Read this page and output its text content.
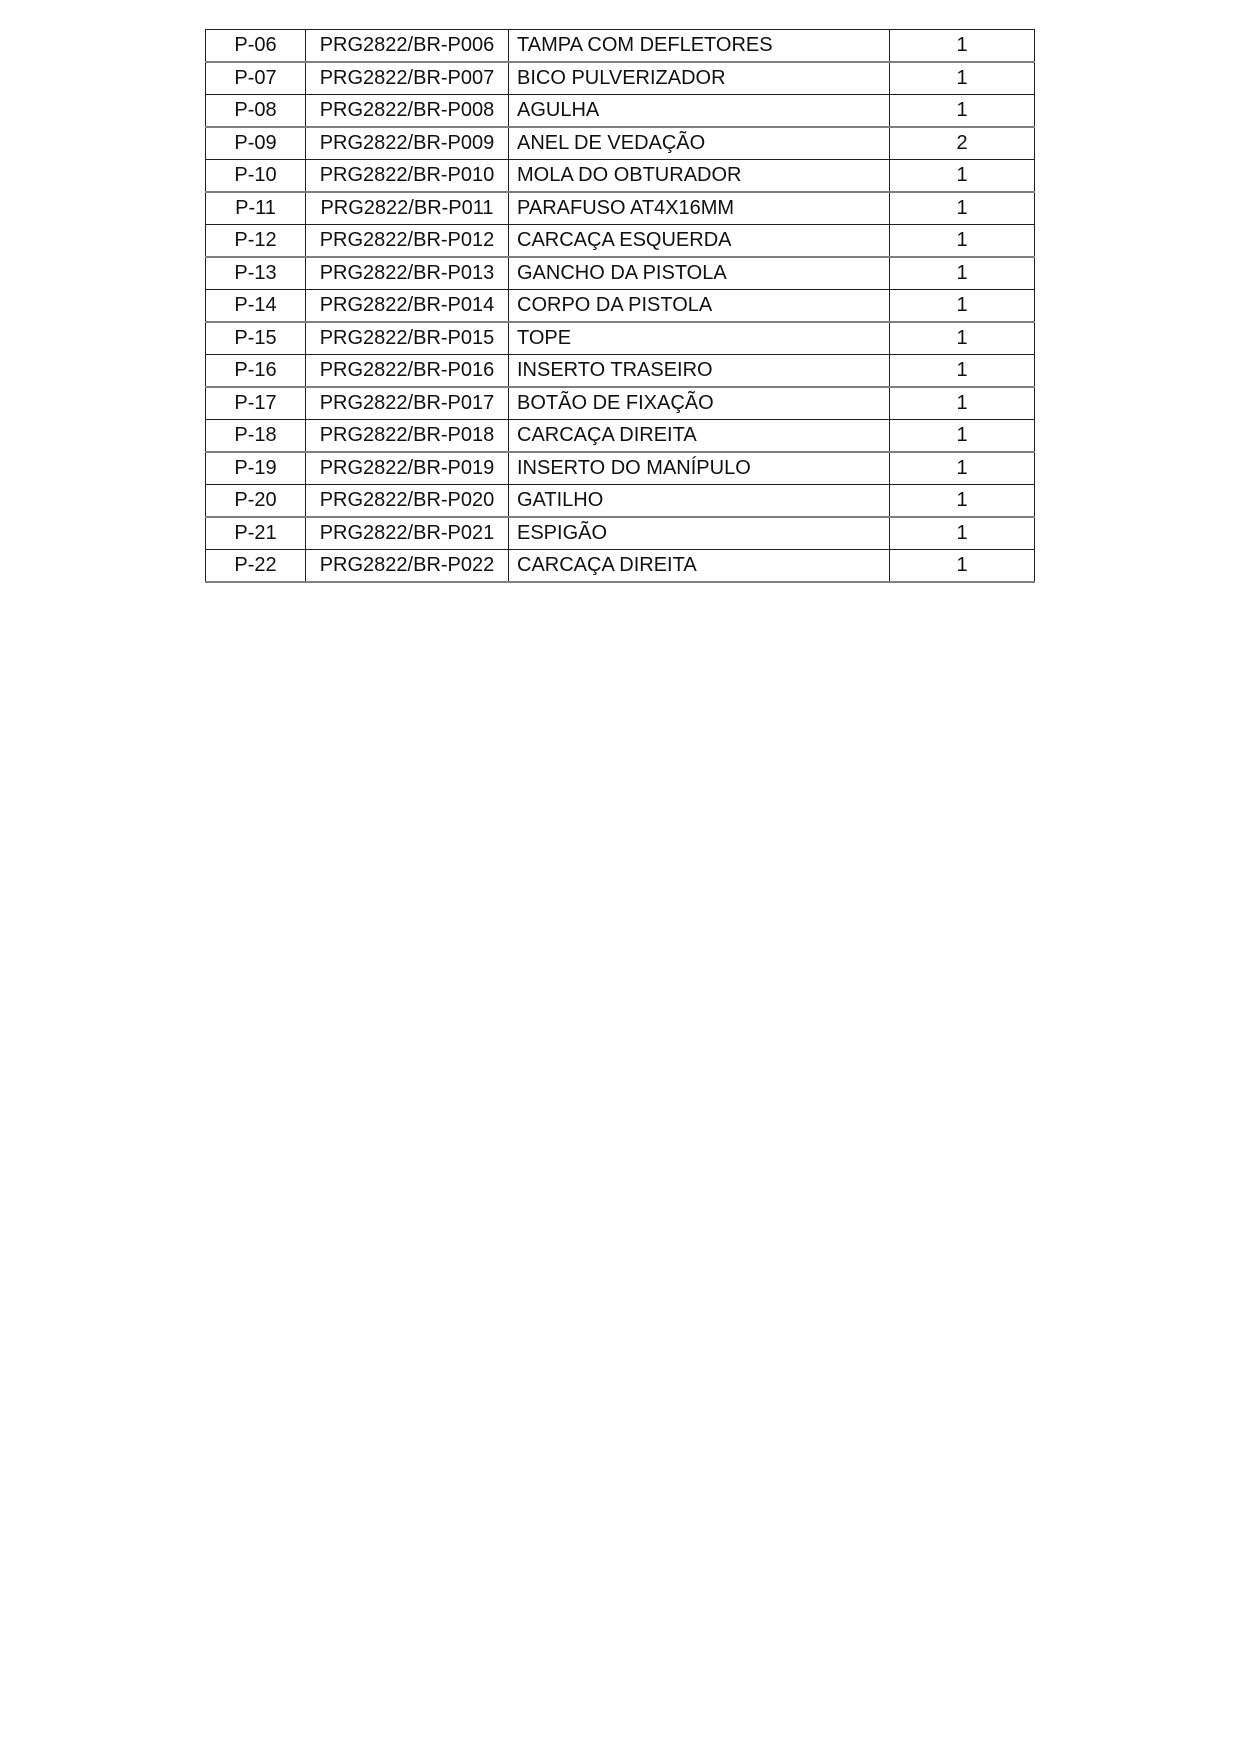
P-06	PRG2822/BR-P006	TAMPA COM DEFLETORES	1
P-07	PRG2822/BR-P007	BICO PULVERIZADOR	1
P-08	PRG2822/BR-P008	AGULHA	1
P-09	PRG2822/BR-P009	ANEL DE VEDAÇÃO	2
P-10	PRG2822/BR-P010	MOLA DO OBTURADOR	1
P-11	PRG2822/BR-P011	PARAFUSO AT4X16MM	1
P-12	PRG2822/BR-P012	CARCAÇA ESQUERDA	1
P-13	PRG2822/BR-P013	GANCHO DA PISTOLA	1
P-14	PRG2822/BR-P014	CORPO DA PISTOLA	1
P-15	PRG2822/BR-P015	TOPE	1
P-16	PRG2822/BR-P016	INSERTO TRASEIRO	1
P-17	PRG2822/BR-P017	BOTÃO DE FIXAÇÃO	1
P-18	PRG2822/BR-P018	CARCAÇA DIREITA	1
P-19	PRG2822/BR-P019	INSERTO DO MANÍPULO	1
P-20	PRG2822/BR-P020	GATILHO	1
P-21	PRG2822/BR-P021	ESPIGÃO	1
P-22	PRG2822/BR-P022	CARCAÇA DIREITA	1
